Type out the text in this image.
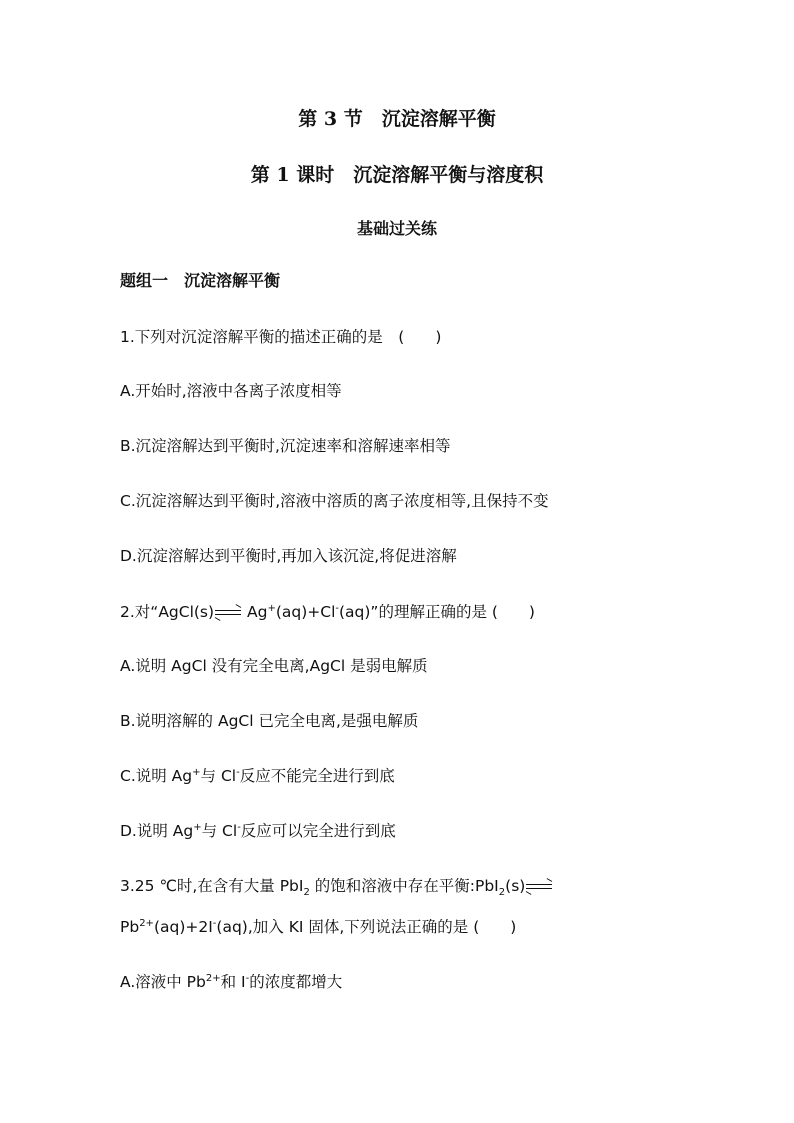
第 3 节　沉淀溶解平衡
第 1 课时　沉淀溶解平衡与溶度积
基础过关练
题组一　沉淀溶解平衡
1.下列对沉淀溶解平衡的描述正确的是　(　　)
A.开始时,溶液中各离子浓度相等
B.沉淀溶解达到平衡时,沉淀速率和溶解速率相等
C.沉淀溶解达到平衡时,溶液中溶质的离子浓度相等,且保持不变
D.沉淀溶解达到平衡时,再加入该沉淀,将促进溶解
2.对“AgCl(s)
Ag+(aq)+Cl-(aq)”的理解正确的是 (　　)
A.说明 AgCl 没有完全电离,AgCl 是弱电解质
B.说明溶解的 AgCl 已完全电离,是强电解质
C.说明 Ag+与 Cl-反应不能完全进行到底
D.说明 Ag+与 Cl-反应可以完全进行到底
3.25 ℃时,在含有大量 PbI$_2$ 的饱和溶液中存在平衡:PbI$_2$(s)
$Pb^{2+}(aq)+2I^-(aq)$,加入 KI 固体,下列说法正确的是 (　　)
A.溶液中 $Pb^{2+}$和 I-的浓度都增大
